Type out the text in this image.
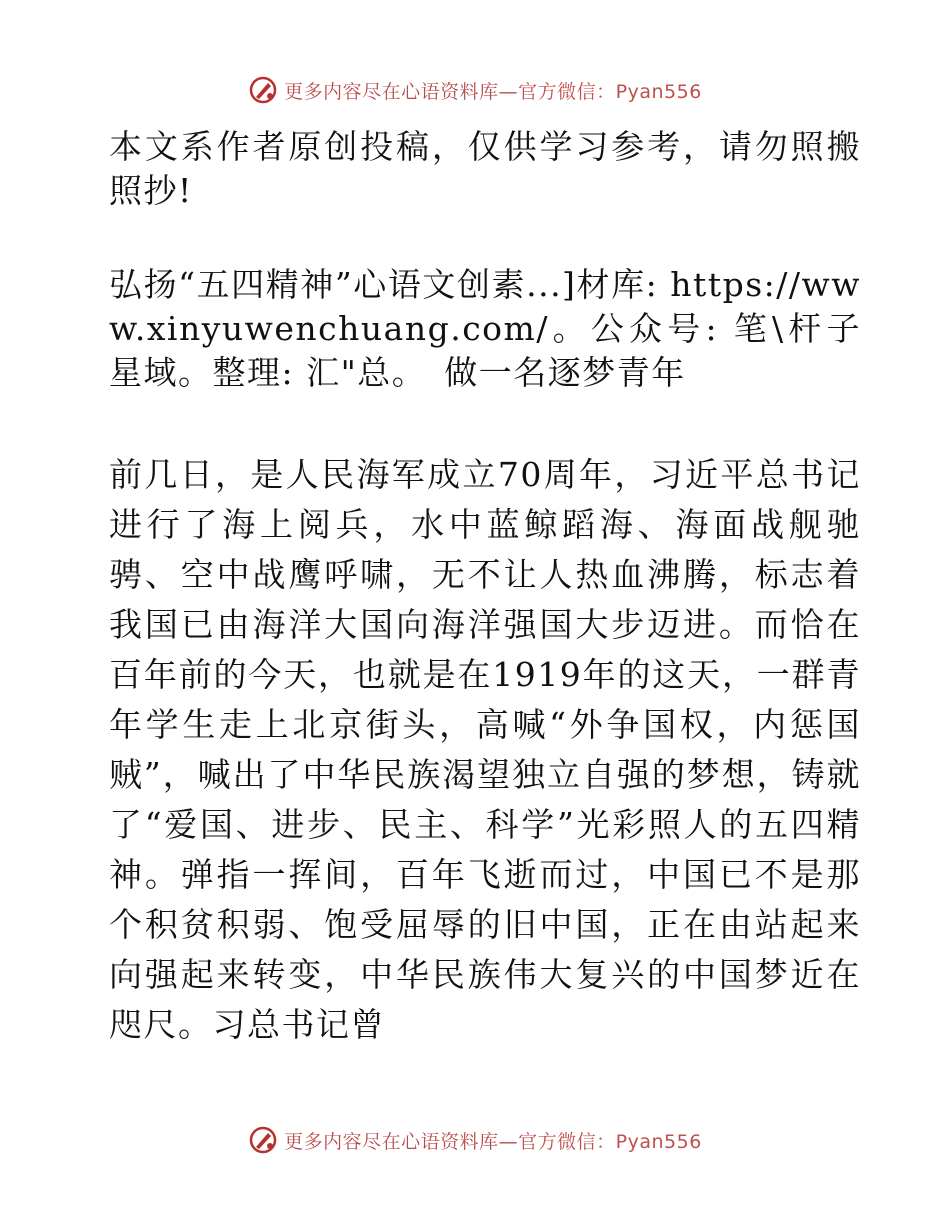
更多内容尽在心语资料库—官方微信：Pyan556

本文系作者原创投稿，仅供学习参考，请勿照搬照抄!

弘扬“五四精神”心语文创素...]材库: https://www.xinyuwenchuang.com/。公众号: 笔\杆子星域。整理: 汇"总。　做一名逐梦青年

前几日，是人民海军成立70周年，习近平总书记进行了海上阅兵，水中蓝鲸蹈海、海面战舰驰骋、空中战鹰呼啸，无不让人热血沸腾，标志着我国已由海洋大国向海洋强国大步迈进。而恰在百年前的今天，也就是在1919年的这天，一群青年学生走上北京街头，高喊“外争国权，内惩国贼”，喊出了中华民族渴望独立自强的梦想，铸就了“爱国、进步、民主、科学”光彩照人的五四精神。弹指一挥间，百年飞逝而过，中国已不是那个积贫积弱、饱受屈辱的旧中国，正在由站起来向强起来转变，中华民族伟大复兴的中国梦近在咫尺。习总书记曾

更多内容尽在心语资料库—官方微信：Pyan556
